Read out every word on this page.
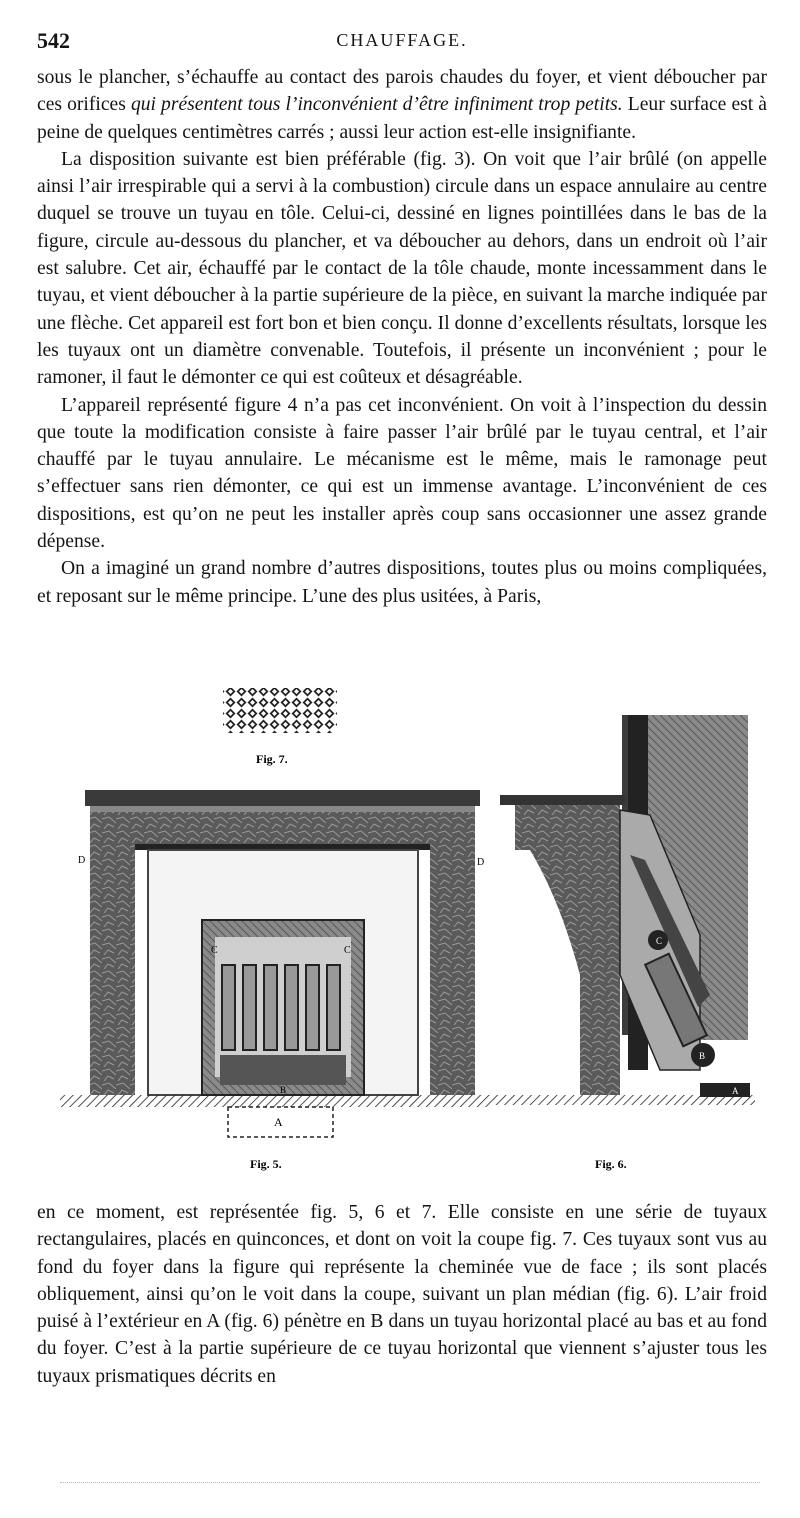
542	CHAUFFAGE.

sous le plancher, s’échauffe au contact des parois chaudes du foyer, et vient déboucher par ces orifices qui présentent tous l’inconvénient d’être infiniment trop petits. Leur surface est à peine de quelques centimètres carrés ; aussi leur action est-elle insignifiante.

La disposition suivante est bien préférable (fig. 3). On voit que l’air brûlé (on appelle ainsi l’air irrespirable qui a servi à la combustion) circule dans un espace annulaire au centre duquel se trouve un tuyau en tôle. Celui-ci, dessiné en lignes pointillées dans le bas de la figure, circule au-dessous du plancher, et va déboucher au dehors, dans un endroit où l’air est salubre. Cet air, échauffé par le contact de la tôle chaude, monte incessamment dans le tuyau, et vient déboucher à la partie supérieure de la pièce, en suivant la marche indiquée par une flèche. Cet appareil est fort bon et bien conçu. Il donne d’excellents résultats, lorsque les les tuyaux ont un diamètre convenable. Toutefois, il présente un inconvénient ; pour le ramoner, il faut le démonter ce qui est coûteux et désagréable.

L’appareil représenté figure 4 n’a pas cet inconvénient. On voit à l’inspection du dessin que toute la modification consiste à faire passer l’air brûlé par le tuyau central, et l’air chauffé par le tuyau annulaire. Le mécanisme est le même, mais le ramonage peut s’effectuer sans rien démonter, ce qui est un immense avantage. L’inconvénient de ces dispositions, est qu’on ne peut les installer après coup sans occasionner une assez grande dépense.

On a imaginé un grand nombre d’autres dispositions, toutes plus ou moins compliquées, et reposant sur le même principe. L’une des plus usitées, à Paris,

Fig. 7.
A
B
C	C
D	D
Fig. 5.
C
B
A
Fig. 6.

en ce moment, est représentée fig. 5, 6 et 7. Elle consiste en une série de tuyaux rectangulaires, placés en quinconces, et dont on voit la coupe fig. 7. Ces tuyaux sont vus au fond du foyer dans la figure qui représente la cheminée vue de face ; ils sont placés obliquement, ainsi qu’on le voit dans la coupe, suivant un plan médian (fig. 6). L’air froid puisé à l’extérieur en A (fig. 6) pénètre en B dans un tuyau horizontal placé au bas et au fond du foyer. C’est à la partie supérieure de ce tuyau horizontal que viennent s’ajuster tous les tuyaux prismatiques décrits en
